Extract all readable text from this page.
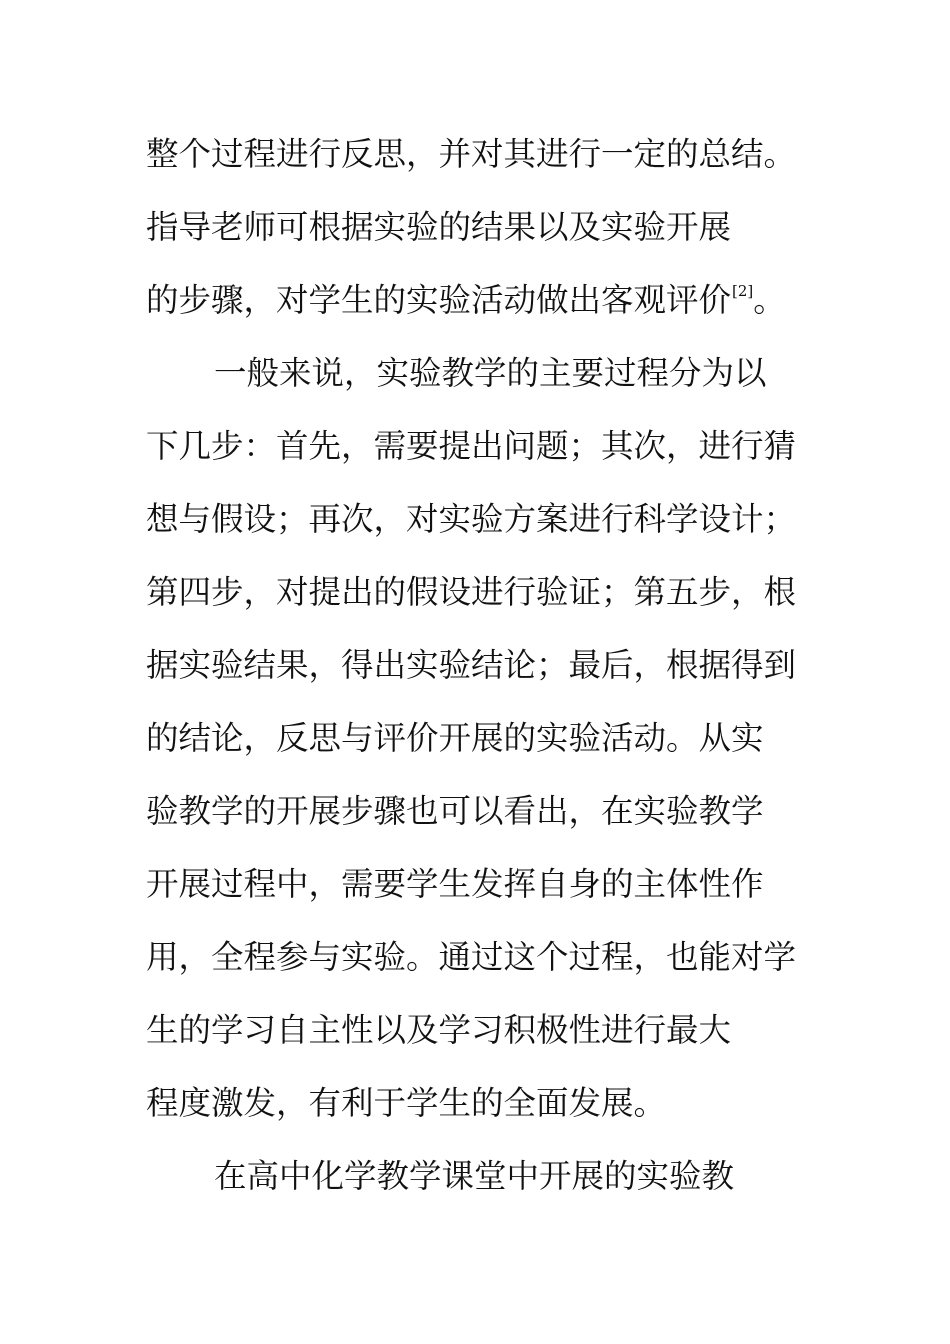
整个过程进行反思，并对其进行一定的总结。
指导老师可根据实验的结果以及实验开展
的步骤，对学生的实验活动做出客观评价[2]。
一般来说，实验教学的主要过程分为以
下几步：首先，需要提出问题；其次，进行猜
想与假设；再次，对实验方案进行科学设计；
第四步，对提出的假设进行验证；第五步，根
据实验结果，得出实验结论；最后，根据得到
的结论，反思与评价开展的实验活动。从实
验教学的开展步骤也可以看出，在实验教学
开展过程中，需要学生发挥自身的主体性作
用，全程参与实验。通过这个过程，也能对学
生的学习自主性以及学习积极性进行最大
程度激发，有利于学生的全面发展。
在高中化学教学课堂中开展的实验教
